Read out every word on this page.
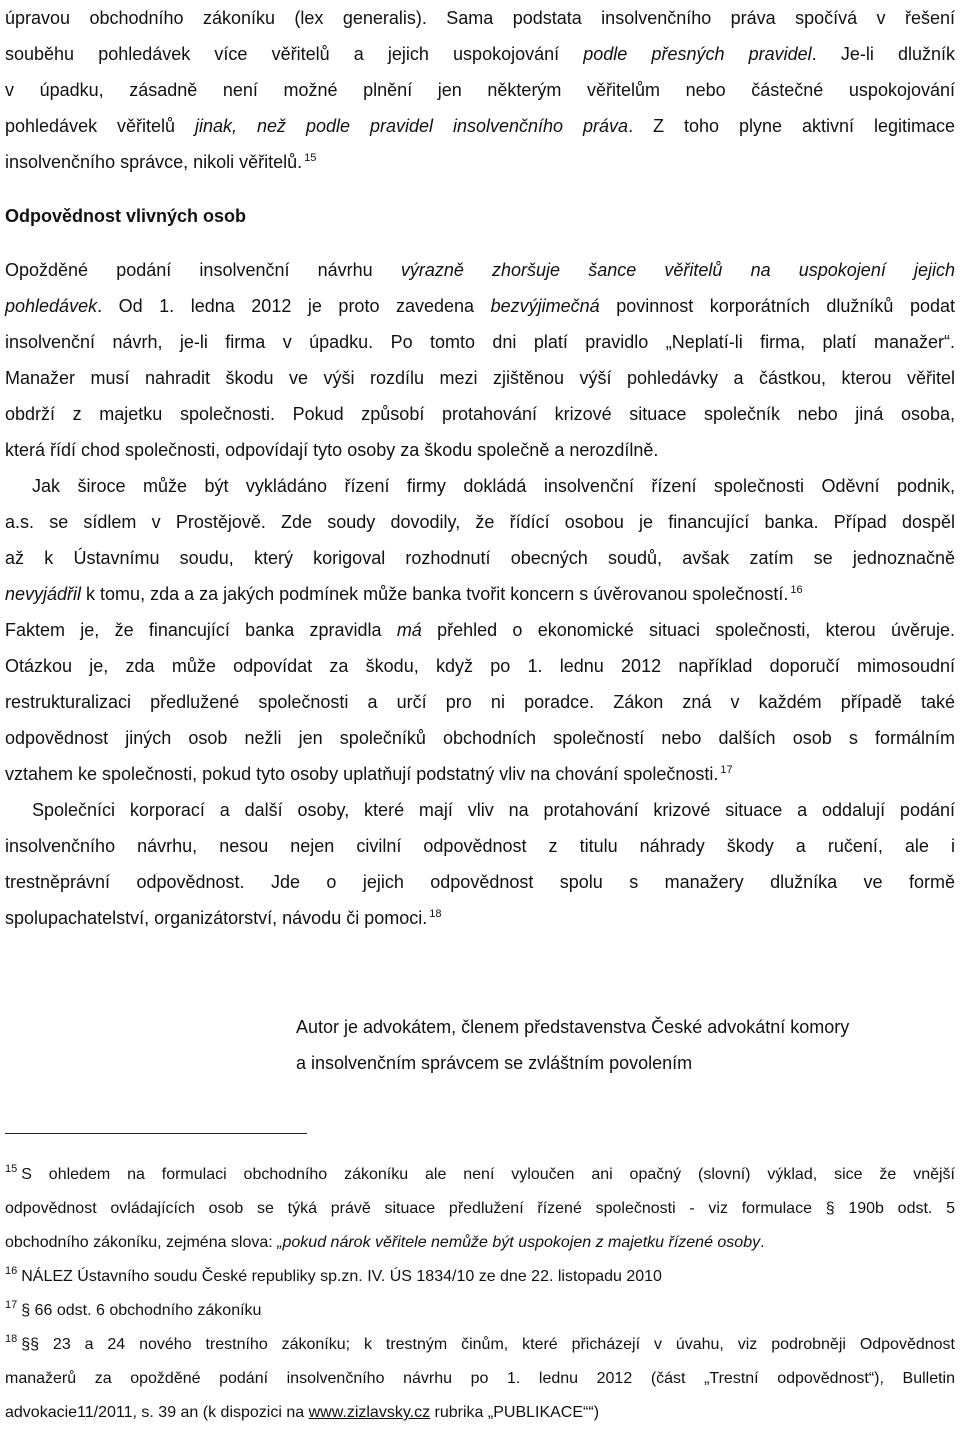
úpravou obchodního zákoníku (lex generalis). Sama podstata insolvenčního práva spočívá v řešení
souběhu pohledávek více věřitelů a jejich uspokojování podle přesných pravidel. Je-li dlužník
v úpadku, zásadně není možné plnění jen některým věřitelům nebo částečné uspokojování
pohledávek věřitelů jinak, než podle pravidel insolvenčního práva. Z toho plyne aktivní legitimace
insolvenčního správce, nikoli věřitelů. $^{15}$
Odpovědnost vlivných osob
Opožděné podání insolvenční návrhu výrazně zhoršuje šance věřitelů na uspokojení jejich
pohledávek. Od 1. ledna 2012 je proto zavedena bezvýjimečná povinnost korporátních dlužníků podat
insolvenční návrh, je-li firma v úpadku. Po tomto dni platí pravidlo „Neplatí-li firma, platí manažer“.
Manažer musí nahradit škodu ve výši rozdílu mezi zjištěnou výší pohledávky a částkou, kterou věřitel
obdrží z majetku společnosti. Pokud způsobí protahování krizové situace společník nebo jiná osoba,
která řídí chod společnosti, odpovídají tyto osoby za škodu společně a nerozdílně.
Jak široce může být vykládáno řízení firmy dokládá insolvenční řízení společnosti Oděvní podnik,
a.s. se sídlem v Prostějově. Zde soudy dovodily, že řídící osobou je financující banka. Případ dospěl
až k Ústavnímu soudu, který korigoval rozhodnutí obecných soudů, avšak zatím se jednoznačně
nevyjádřil k tomu, zda a za jakých podmínek může banka tvořit koncern s úvěrovanou společností. $^{16}$
Faktem je, že financující banka zpravidla má přehled o ekonomické situaci společnosti, kterou úvěruje.
Otázkou je, zda může odpovídat za škodu, když po 1. lednu 2012 například doporučí mimosoudní
restrukturalizaci předlužené společnosti a určí pro ni poradce. Zákon zná v každém případě také
odpovědnost jiných osob nežli jen společníků obchodních společností nebo dalších osob s formálním
vztahem ke společnosti, pokud tyto osoby uplatňují podstatný vliv na chování společnosti. $^{17}$
Společníci korporací a další osoby, které mají vliv na protahování krizové situace a oddalují podání
insolvenčního návrhu, nesou nejen civilní odpovědnost z titulu náhrady škody a ručení, ale i
trestněprávní odpovědnost. Jde o jejich odpovědnost spolu s manažery dlužníka ve formě
spolupachatelství, organizátorství, návodu či pomoci. $^{18}$
Autor je advokátem, členem představenstva České advokátní komory
a insolvenčním správcem se zvláštním povolením
$^{15}$ S ohledem na formulaci obchodního zákoníku ale není vyloučen ani opačný (slovní) výklad, sice že vnější
odpovědnost ovládajících osob se týká právě situace předlužení řízené společnosti - viz formulace § 190b odst. 5
obchodního zákoníku, zejména slova: „pokud nárok věřitele nemůže být uspokojen z majetku řízené osoby.
$^{16}$ NÁLEZ Ústavního soudu České republiky sp.zn. IV. ÚS 1834/10 ze dne 22. listopadu 2010
$^{17}$ § 66 odst. 6 obchodního zákoníku
$^{18}$ §§ 23 a 24 nového trestního zákoníku; k trestným činům, které přicházejí v úvahu, viz podrobněji Odpovědnost
manažerů za opožděné podání insolvenčního návrhu po 1. lednu 2012 (část „Trestní odpovědnost“), Bulletin
advokacie11/2011, s. 39 an (k dispozici na www.zizlavsky.cz rubrika „PUBLIKACE““)
